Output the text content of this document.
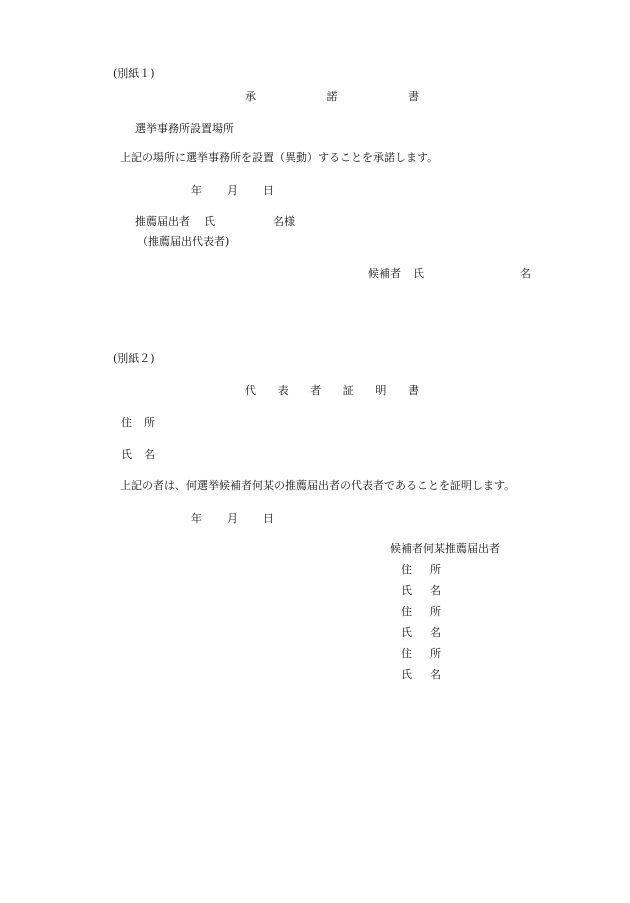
(別紙１)
承	諾	書
選挙事務所設置場所
上記の場所に選挙事務所を設置（異動）することを承諾します。
年 月 日
推薦届出者 氏	名様
（推薦届出代表者)
候補者 氏	名
(別紙２)
代 表 者 証 明 書
住 所
氏 名
上記の者は、何選挙候補者何某の推薦届出者の代表者であることを証明します。
年 月 日
候補者何某推薦届出者
住 所
氏 名
住 所
氏 名
住 所
氏 名
